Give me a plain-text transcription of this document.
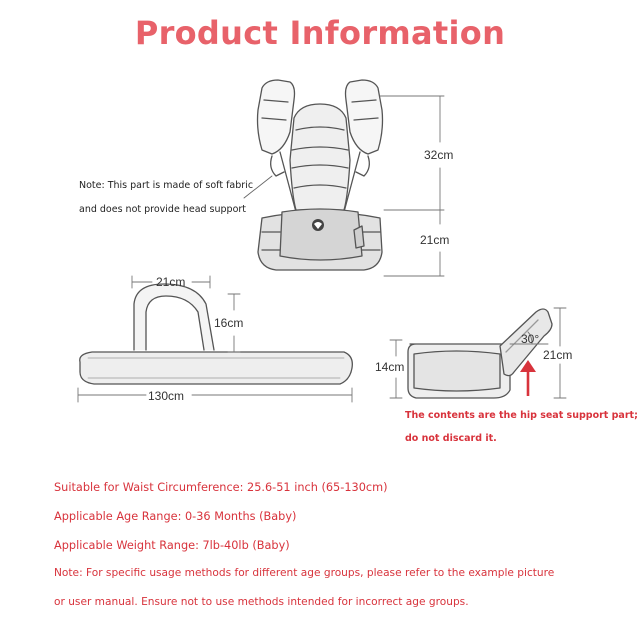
Product Information
32cm
21cm
Note: This part is made of soft fabric
and does not provide head support
21cm
16cm
130cm
30°
21cm
14cm
The contents are the hip seat support part;
do not discard it.
Suitable for Waist Circumference: 25.6-51 inch (65-130cm)
Applicable Age Range: 0-36 Months (Baby)
Applicable Weight Range: 7lb-40lb (Baby)
Note: For specific usage methods for different age groups, please refer to the example picture
or user manual. Ensure not to use methods intended for incorrect age groups.
